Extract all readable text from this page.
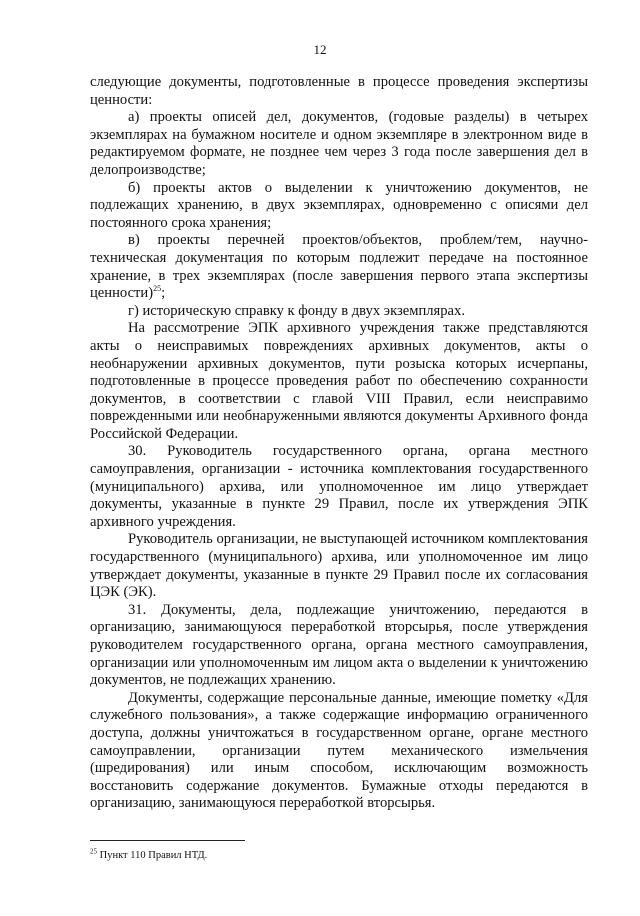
12

следующие документы, подготовленные в процессе проведения экспертизы ценности:

а) проекты описей дел, документов, (годовые разделы) в четырех экземплярах на бумажном носителе и одном экземпляре в электронном виде в редактируемом формате, не позднее чем через 3 года после завершения дел в делопроизводстве;

б) проекты актов о выделении к уничтожению документов, не подлежащих хранению, в двух экземплярах, одновременно с описями дел постоянного срока хранения;

в) проекты перечней проектов/объектов, проблем/тем, научно-техническая документация по которым подлежит передаче на постоянное хранение, в трех экземплярах (после завершения первого этапа экспертизы ценности)$^{25}$;

г) историческую справку к фонду в двух экземплярах.

На рассмотрение ЭПК архивного учреждения также представляются акты о неисправимых повреждениях архивных документов, акты о необнаружении архивных документов, пути розыска которых исчерпаны, подготовленные в процессе проведения работ по обеспечению сохранности документов, в соответствии с главой VIII Правил, если неисправимо поврежденными или необнаруженными являются документы Архивного фонда Российской Федерации.

30. Руководитель государственного органа, органа местного самоуправления, организации - источника комплектования государственного (муниципального) архива, или уполномоченное им лицо утверждает документы, указанные в пункте 29 Правил, после их утверждения ЭПК архивного учреждения.

Руководитель организации, не выступающей источником комплектования государственного (муниципального) архива, или уполномоченное им лицо утверждает документы, указанные в пункте 29 Правил после их согласования ЦЭК (ЭК).

31. Документы, дела, подлежащие уничтожению, передаются в организацию, занимающуюся переработкой вторсырья, после утверждения руководителем государственного органа, органа местного самоуправления, организации или уполномоченным им лицом акта о выделении к уничтожению документов, не подлежащих хранению.

Документы, содержащие персональные данные, имеющие пометку «Для служебного пользования», а также содержащие информацию ограниченного доступа, должны уничтожаться в государственном органе, органе местного самоуправлении, организации путем механического измельчения (шредирования) или иным способом, исключающим возможность восстановить содержание документов. Бумажные отходы передаются в организацию, занимающуюся переработкой вторсырья.

$^{25}$ Пункт 110 Правил НТД.
